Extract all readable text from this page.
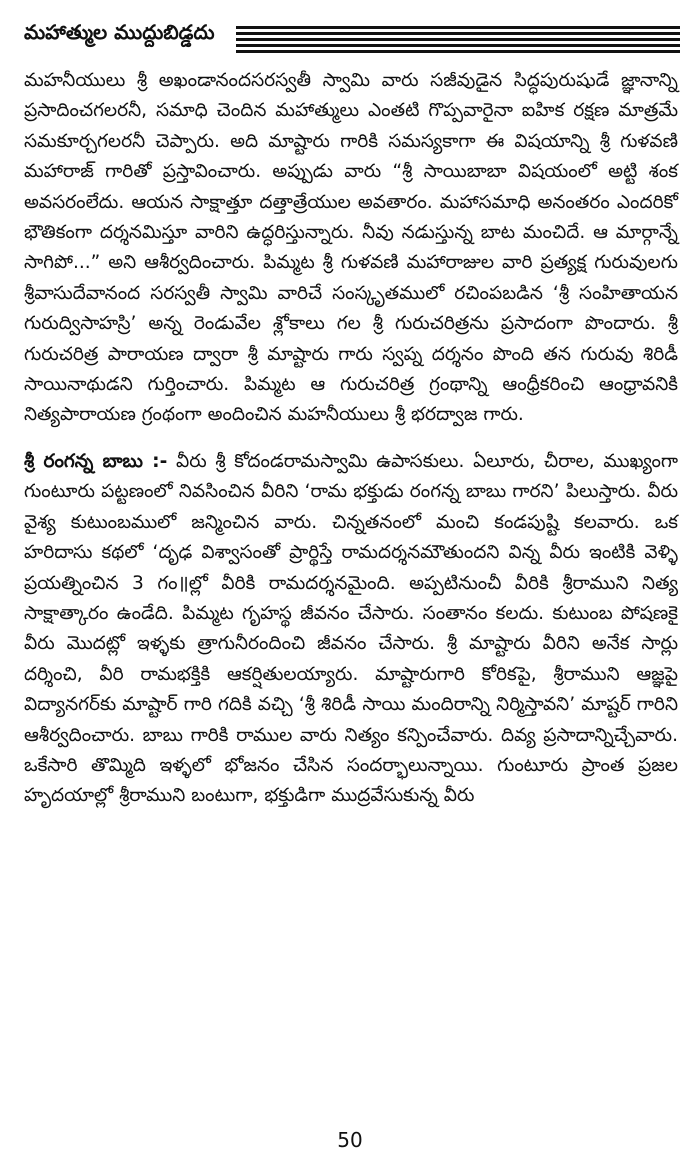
మహాత్ముల ముద్దుబిడ్డదు

మహనీయులు శ్రీ అఖండానందసరస్వతీ స్వామి వారు సజీవుడైన సిద్ధపురుషుడే జ్ఞానాన్ని ప్రసాదించగలరనీ, సమాధి చెందిన మహాత్ములు ఎంతటి గొప్పవారైనా ఐహిక రక్షణ మాత్రమే సమకూర్చగలరనీ చెప్పారు. అది మాష్టారు గారికి సమస్యకాగా ఈ విషయాన్ని శ్రీ గుళవణి మహారాజ్ గారితో ప్రస్తావించారు. అప్పుడు వారు “శ్రీ సాయిబాబా విషయంలో అట్టి శంక అవసరంలేదు. ఆయన సాక్షాత్తూ దత్తాత్రేయుల అవతారం. మహాసమాధి అనంతరం ఎందరికో భౌతికంగా దర్శనమిస్తూ వారిని ఉద్ధరిస్తున్నారు. నీవు నడుస్తున్న బాట మంచిదే. ఆ మార్గాన్నే సాగిపో...” అని ఆశీర్వదించారు. పిమ్మట శ్రీ గుళవణి మహారాజుల వారి ప్రత్యక్ష గురువులగు శ్రీవాసుదేవానంద సరస్వతీ స్వామి వారిచే సంస్కృతములో రచింపబడిన ‘శ్రీ సంహితాయన గురుద్విసాహస్రి’ అన్న రెండువేల శ్లోకాలు గల శ్రీ గురుచరిత్రను ప్రసాదంగా పొందారు. శ్రీ గురుచరిత్ర పారాయణ ద్వారా శ్రీ మాష్టారు గారు స్వప్న దర్శనం పొంది తన గురువు శిరిడీ సాయినాథుడని గుర్తించారు. పిమ్మట ఆ గురుచరిత్ర గ్రంథాన్ని ఆంధ్రీకరించి ఆంధ్రావనికి నిత్యపారాయణ గ్రంథంగా అందించిన మహనీయులు శ్రీ భరద్వాజ గారు.

శ్రీ రంగన్న బాబు :- వీరు శ్రీ కోదండరామస్వామి ఉపాసకులు. ఏలూరు, చీరాల, ముఖ్యంగా గుంటూరు పట్టణంలో నివసించిన వీరిని ‘రామ భక్తుడు రంగన్న బాబు గారని’ పిలుస్తారు. వీరు వైశ్య కుటుంబములో జన్మించిన వారు. చిన్నతనంలో మంచి కండపుష్టి కలవారు. ఒక హరిదాసు కథలో ‘దృఢ విశ్వాసంతో ప్రార్థిస్తే రామదర్శనమౌతుందని విన్న వీరు ఇంటికి వెళ్ళి ప్రయత్నించిన 3 గం॥ల్లో వీరికి రామదర్శనమైంది. అప్పటినుంచీ వీరికి శ్రీరాముని నిత్య సాక్షాత్కారం ఉండేది. పిమ్మట గృహస్థ జీవనం చేసారు. సంతానం కలదు. కుటుంబ పోషణకై వీరు మొదట్లో ఇళ్ళకు త్రాగునీరందించి జీవనం చేసారు. శ్రీ మాష్టారు వీరిని అనేక సార్లు దర్శించి, వీరి రామభక్తికి ఆకర్షితులయ్యారు. మాష్టారుగారి కోరికపై, శ్రీరాముని ఆజ్ఞపై విద్యానగర్‌కు మాష్టార్ గారి గదికి వచ్చి ‘శ్రీ శిరిడీ సాయి మందిరాన్ని నిర్మిస్తావని’ మాష్టర్ గారిని ఆశీర్వదించారు. బాబు గారికి రాముల వారు నిత్యం కన్పించేవారు. దివ్య ప్రసాదాన్నిచ్చేవారు. ఒకేసారి తొమ్మిది ఇళ్ళలో భోజనం చేసిన సందర్భాలున్నాయి. గుంటూరు ప్రాంత ప్రజల హృదయాల్లో శ్రీరాముని బంటుగా, భక్తుడిగా ముద్రవేసుకున్న వీరు

50
